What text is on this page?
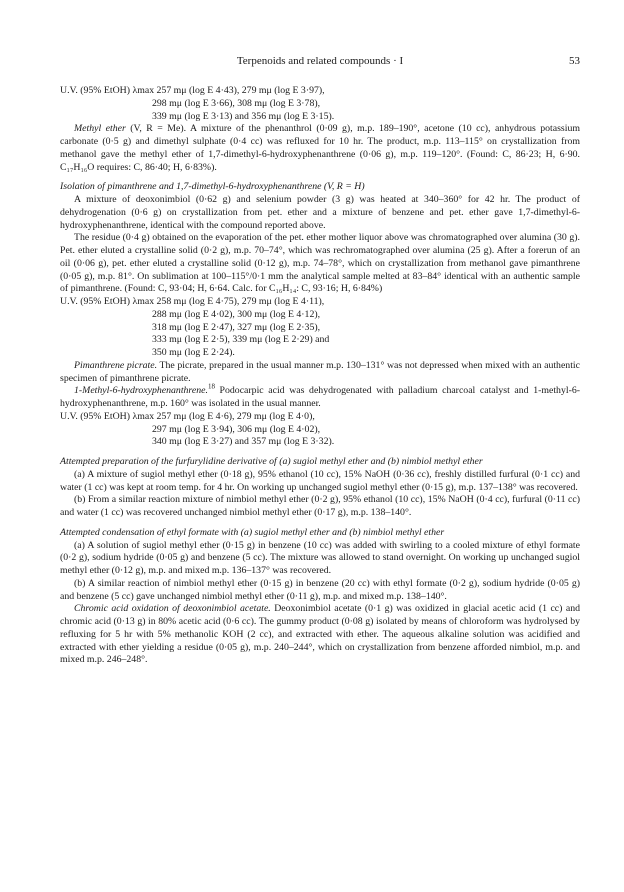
Terpenoids and related compounds · I	53

U.V. (95% EtOH) λmax 257 mμ (log E 4·43), 279 mμ (log E 3·97),

298 mμ (log E 3·66), 308 mμ (log E 3·78),

339 mμ (log E 3·13) and 356 mμ (log E 3·15).

Methyl ether (V, R = Me). A mixture of the phenanthrol (0·09 g), m.p. 189–190°, acetone (10 cc), anhydrous potassium carbonate (0·5 g) and dimethyl sulphate (0·4 cc) was refluxed for 10 hr. The product, m.p. 113–115° on crystallization from methanol gave the methyl ether of 1,7-dimethyl-6-hydroxyphenanthrene (0·06 g), m.p. 119–120°. (Found: C, 86·23; H, 6·90. C₁₇H₁₆O requires: C, 86·40; H, 6·83%).

Isolation of pimanthrene and 1,7-dimethyl-6-hydroxyphenanthrene (V, R = H)

A mixture of deoxonimbiol (0·62 g) and selenium powder (3 g) was heated at 340–360° for 42 hr. The product of dehydrogenation (0·6 g) on crystallization from pet. ether and a mixture of benzene and pet. ether gave 1,7-dimethyl-6-hydroxyphenanthrene, identical with the compound reported above.

The residue (0·4 g) obtained on the evaporation of the pet. ether mother liquor above was chromatographed over alumina (30 g). Pet. ether eluted a crystalline solid (0·2 g), m.p. 70–74°, which was rechromatographed over alumina (25 g). After a forerun of an oil (0·06 g), pet. ether eluted a crystalline solid (0·12 g), m.p. 74–78°, which on crystallization from methanol gave pimanthrene (0·05 g), m.p. 81°. On sublimation at 100–115°/0·1 mm the analytical sample melted at 83–84° identical with an authentic sample of pimanthrene. (Found: C, 93·04; H, 6·64. Calc. for C₁₆H₁₄: C, 93·16; H, 6·84%)

U.V. (95% EtOH) λmax 258 mμ (log E 4·75), 279 mμ (log E 4·11),

288 mμ (log E 4·02), 300 mμ (log E 4·12),

318 mμ (log E 2·47), 327 mμ (log E 2·35),

333 mμ (log E 2·5), 339 mμ (log E 2·29) and

350 mμ (log E 2·24).

Pimanthrene picrate. The picrate, prepared in the usual manner m.p. 130–131° was not depressed when mixed with an authentic specimen of pimanthrene picrate.

1-Methyl-6-hydroxyphenanthrene.$^{18}$ Podocarpic acid was dehydrogenated with palladium charcoal catalyst and 1-methyl-6-hydroxyphenanthrene, m.p. 160° was isolated in the usual manner.

U.V. (95% EtOH) λmax 257 mμ (log E 4·6), 279 mμ (log E 4·0),

297 mμ (log E 3·94), 306 mμ (log E 4·02),

340 mμ (log E 3·27) and 357 mμ (log E 3·32).

Attempted preparation of the furfurylidine derivative of (a) sugiol methyl ether and (b) nimbiol methyl ether

(a) A mixture of sugiol methyl ether (0·18 g), 95% ethanol (10 cc), 15% NaOH (0·36 cc), freshly distilled furfural (0·1 cc) and water (1 cc) was kept at room temp. for 4 hr. On working up unchanged sugiol methyl ether (0·15 g), m.p. 137–138° was recovered.

(b) From a similar reaction mixture of nimbiol methyl ether (0·2 g), 95% ethanol (10 cc), 15% NaOH (0·4 cc), furfural (0·11 cc) and water (1 cc) was recovered unchanged nimbiol methyl ether (0·17 g), m.p. 138–140°.

Attempted condensation of ethyl formate with (a) sugiol methyl ether and (b) nimbiol methyl ether

(a) A solution of sugiol methyl ether (0·15 g) in benzene (10 cc) was added with swirling to a cooled mixture of ethyl formate (0·2 g), sodium hydride (0·05 g) and benzene (5 cc). The mixture was allowed to stand overnight. On working up unchanged sugiol methyl ether (0·12 g), m.p. and mixed m.p. 136–137° was recovered.

(b) A similar reaction of nimbiol methyl ether (0·15 g) in benzene (20 cc) with ethyl formate (0·2 g), sodium hydride (0·05 g) and benzene (5 cc) gave unchanged nimbiol methyl ether (0·11 g), m.p. and mixed m.p. 138–140°.

Chromic acid oxidation of deoxonimbiol acetate. Deoxonimbiol acetate (0·1 g) was oxidized in glacial acetic acid (1 cc) and chromic acid (0·13 g) in 80% acetic acid (0·6 cc). The gummy product (0·08 g) isolated by means of chloroform was hydrolysed by refluxing for 5 hr with 5% methanolic KOH (2 cc), and extracted with ether. The aqueous alkaline solution was acidified and extracted with ether yielding a residue (0·05 g), m.p. 240–244°, which on crystallization from benzene afforded nimbiol, m.p. and mixed m.p. 246–248°.
